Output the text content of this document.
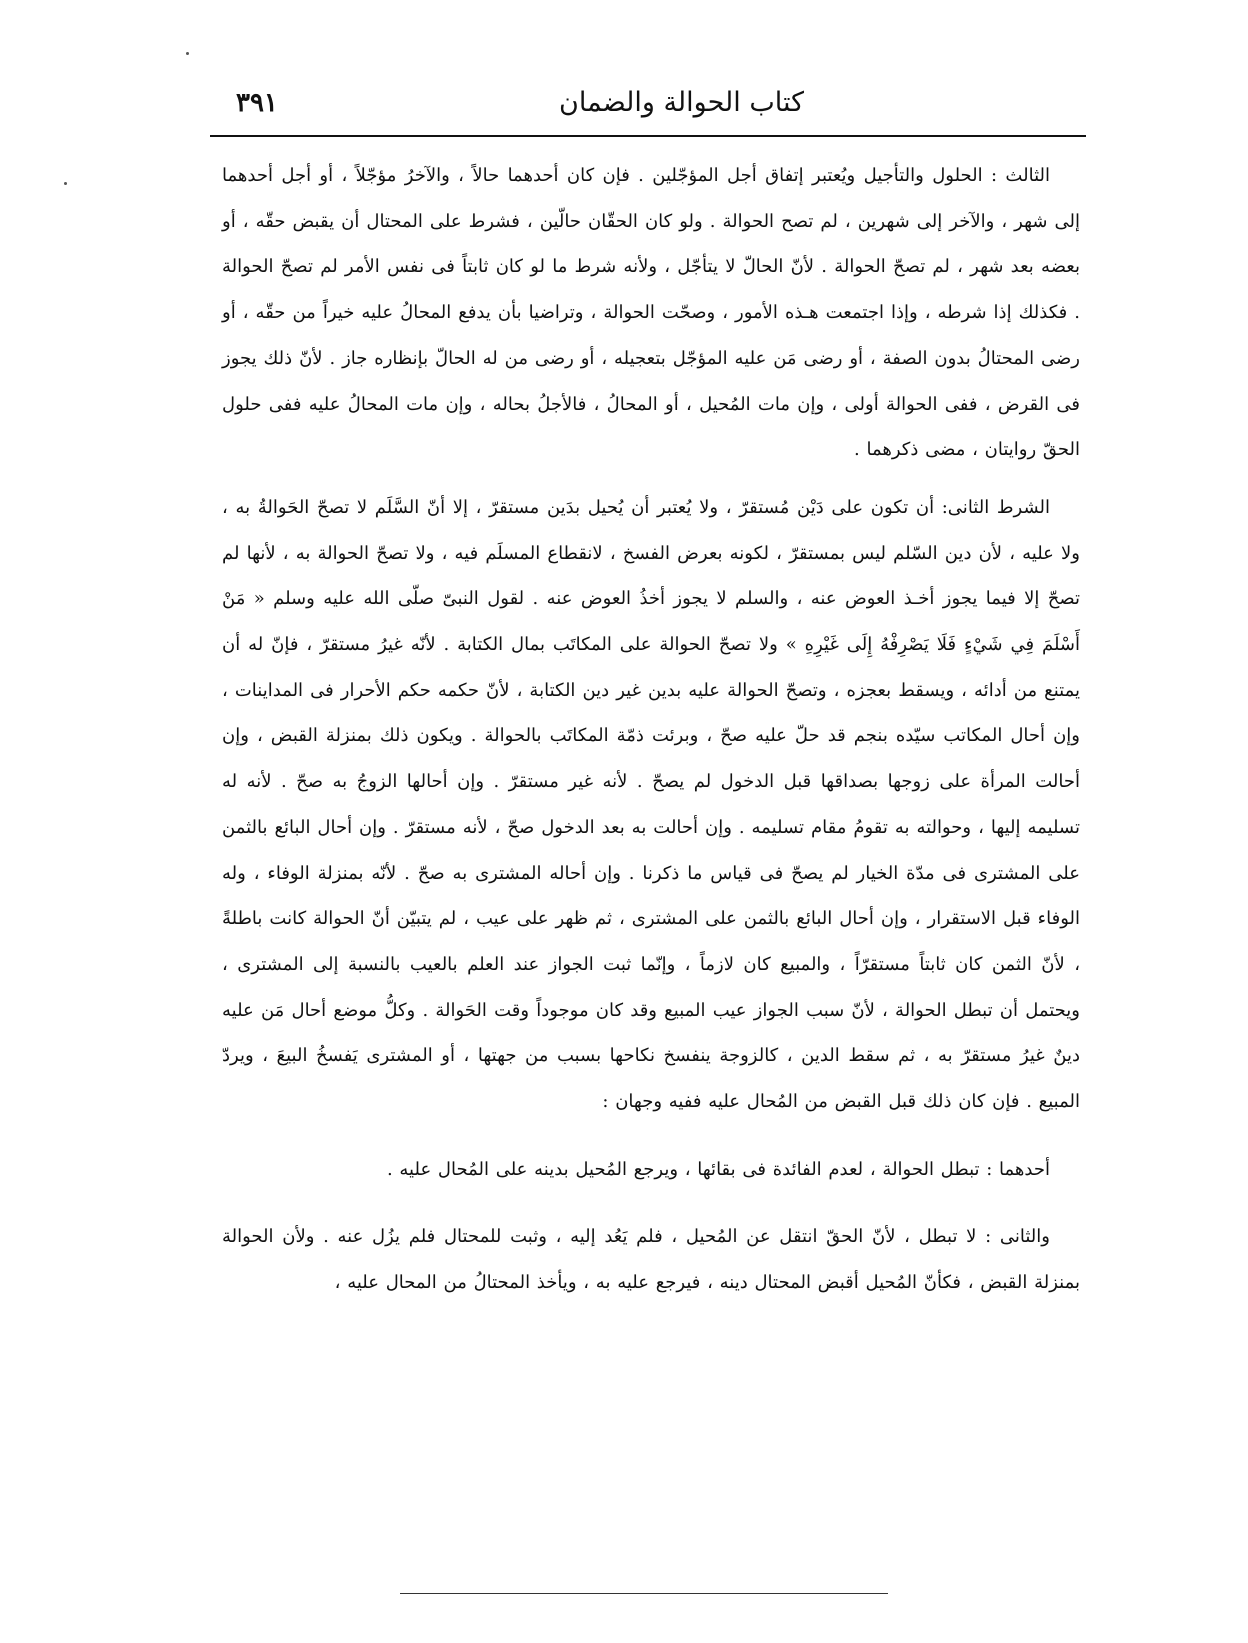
كتاب الحوالة والضمان
٣٩١

الثالث : الحلول والتأجيل ويُعتبر إتفاق أجل المؤجّلين . فإن كان أحدهما حالاً ، والآخرُ مؤجّلاً ، أو أجل أحدهما إلى شهر ، والآخر إلى شهرين ، لم تصح الحوالة . ولو كان الحقّان حالّين ، فشرط على المحتال أن يقبض حقّه ، أو بعضه بعد شهر ، لم تصحّ الحوالة . لأنّ الحالّ لا يتأجّل ، ولأنه شرط ما لو كان ثابتاً فى نفس الأمر لم تصحّ الحوالة . فكذلك إذا شرطه ، وإذا اجتمعت هـذه الأمور ، وصحّت الحوالة ، وتراضيا بأن يدفع المحالُ عليه خيراً من حقّه ، أو رضى المحتالُ بدون الصفة ، أو رضى مَن عليه المؤجّل بتعجيله ، أو رضى من له الحالّ بإنظاره جاز . لأنّ ذلك يجوز فى القرض ، ففى الحوالة أولى ، وإن مات المُحيل ، أو المحالُ ، فالأجلُ بحاله ، وإن مات المحالُ عليه ففى حلول الحقّ روايتان ، مضى ذكرهما .

الشرط الثانى: أن تكون على دَيْن مُستقرّ ، ولا يُعتبر أن يُحيل بدَين مستقرّ ، إلا أنّ السَّلَم لا تصحّ الحَوالةُ به ، ولا عليه ، لأن دين السّلم ليس بمستقرّ ، لكونه بعرض الفسخ ، لانقطاع المسلَم فيه ، ولا تصحّ الحوالة به ، لأنها لم تصحّ إلا فيما يجوز أخـذ العوض عنه ، والسلم لا يجوز أخذُ العوض عنه . لقول النبىّ صلّى الله عليه وسلم « مَنْ أَسْلَمَ فِي شَيْءٍ فَلَا يَصْرِفْهُ إِلَى غَيْرِهِ » ولا تصحّ الحوالة على المكاتَب بمال الكتابة . لأنّه غيرُ مستقرّ ، فإنّ له أن يمتنع من أدائه ، ويسقط بعجزه ، وتصحّ الحوالة عليه بدين غير دين الكتابة ، لأنّ حكمه حكم الأحرار فى المداينات ، وإن أحال المكاتب سيّده بنجم قد حلّ عليه صحّ ، وبرئت ذمّة المكاتَب بالحوالة . ويكون ذلك بمنزلة القبض ، وإن أحالت المرأة على زوجها بصداقها قبل الدخول لم يصحّ . لأنه غير مستقرّ . وإن أحالها الزوجُ به صحّ . لأنه له تسليمه إليها ، وحوالته به تقومُ مقام تسليمه . وإن أحالت به بعد الدخول صحّ ، لأنه مستقرّ . وإن أحال البائع بالثمن على المشترى فى مدّة الخيار لم يصحّ فى قياس ما ذكرنا . وإن أحاله المشترى به صحّ . لأنّه بمنزلة الوفاء ، وله الوفاء قبل الاستقرار ، وإن أحال البائع بالثمن على المشترى ، ثم ظهر على عيب ، لم يتبيّن أنّ الحوالة كانت باطلةً ، لأنّ الثمن كان ثابتاً مستقرّاً ، والمبيع كان لازماً ، وإنّما ثبت الجواز عند العلم بالعيب بالنسبة إلى المشترى ، ويحتمل أن تبطل الحوالة ، لأنّ سبب الجواز عيب المبيع وقد كان موجوداً وقت الحَوالة . وكلُّ موضع أحال مَن عليه دينٌ غيرُ مستقرّ به ، ثم سقط الدين ، كالزوجة ينفسخ نكاحها بسبب من جهتها ، أو المشترى يَفسخُ البيعَ ، ويردّ المبيع . فإن كان ذلك قبل القبض من المُحال عليه ففيه وجهان :

أحدهما : تبطل الحوالة ، لعدم الفائدة فى بقائها ، ويرجع المُحيل بدينه على المُحال عليه .

والثانى : لا تبطل ، لأنّ الحقّ انتقل عن المُحيل ، فلم يَعُد إليه ، وثبت للمحتال فلم يزُل عنه . ولأن الحوالة بمنزلة القبض ، فكأنّ المُحيل أقبض المحتال دينه ، فيرجع عليه به ، ويأخذ المحتالُ من المحال عليه ،
